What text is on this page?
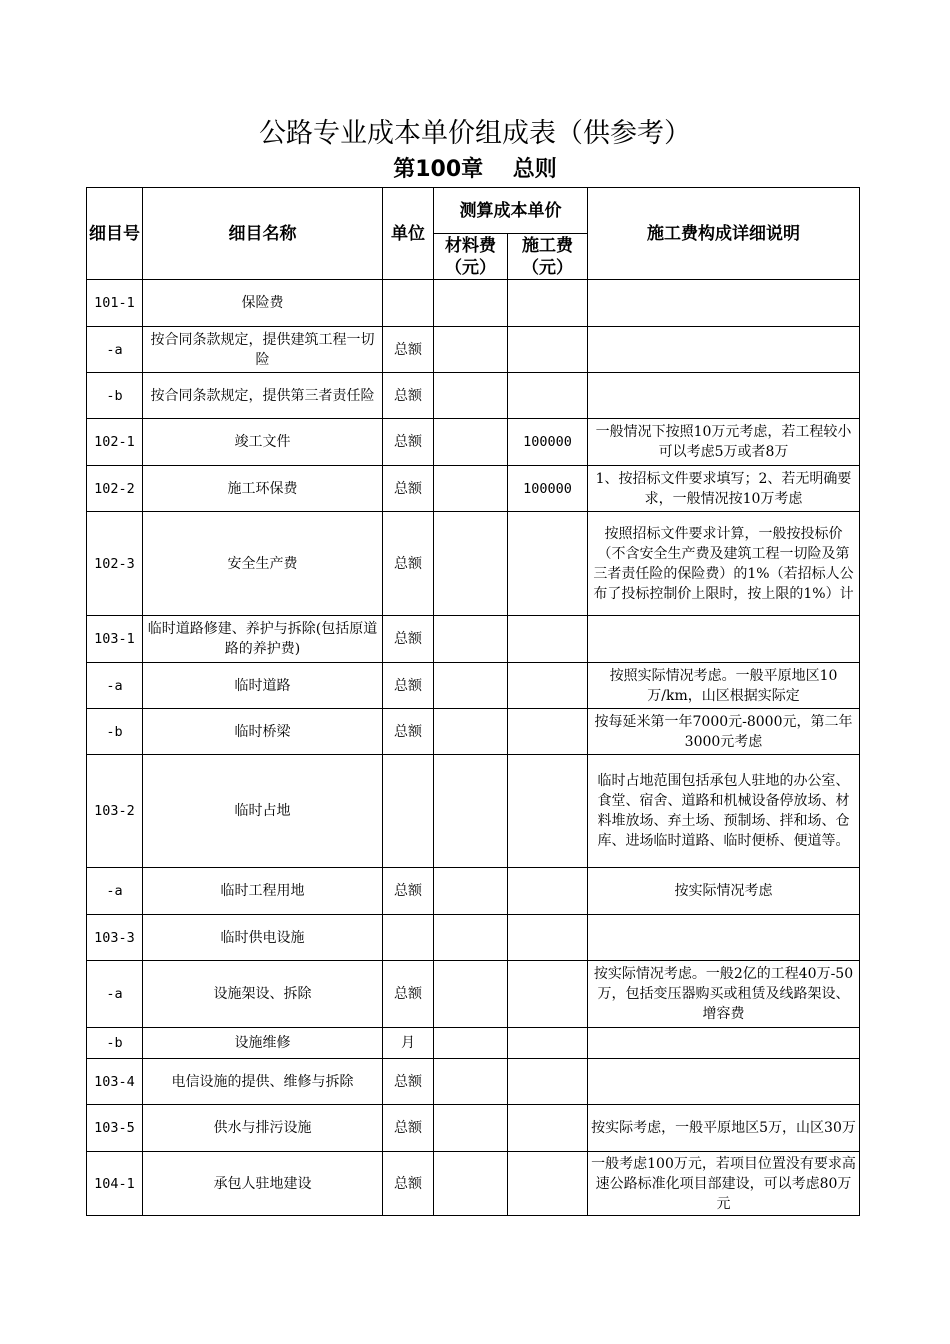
公路专业成本单价组成表（供参考）
第100章　 总则
细目号	细目名称	单位	测算成本单价		施工费构成详细说明
			材料费（元）	施工费（元）	
101-1	保险费				
-a	按合同条款规定，提供建筑工程一切险	总额			
-b	按合同条款规定，提供第三者责任险	总额			
102-1	竣工文件	总额		100000	一般情况下按照10万元考虑，若工程较小可以考虑5万或者8万
102-2	施工环保费	总额		100000	1、按招标文件要求填写；2、若无明确要求，一般情况按10万考虑
102-3	安全生产费	总额			按照招标文件要求计算，一般按投标价（不含安全生产费及建筑工程一切险及第三者责任险的保险费）的1%（若招标人公布了投标控制价上限时，按上限的1%）计
103-1	临时道路修建、养护与拆除(包括原道路的养护费)	总额			
-a	临时道路	总额			按照实际情况考虑。一般平原地区10万/km，山区根据实际定
-b	临时桥梁	总额			按每延米第一年7000元-8000元，第二年3000元考虑
103-2	临时占地				临时占地范围包括承包人驻地的办公室、食堂、宿舍、道路和机械设备停放场、材料堆放场、弃土场、预制场、拌和场、仓库、进场临时道路、临时便桥、便道等。
-a	临时工程用地	总额			按实际情况考虑
103-3	临时供电设施				
-a	设施架设、拆除	总额			按实际情况考虑。一般2亿的工程40万-50万，包括变压器购买或租赁及线路架设、增容费
-b	设施维修	月			
103-4	电信设施的提供、维修与拆除	总额			
103-5	供水与排污设施	总额			按实际考虑，一般平原地区5万，山区30万
104-1	承包人驻地建设	总额			一般考虑100万元，若项目位置没有要求高速公路标准化项目部建设，可以考虑80万元
